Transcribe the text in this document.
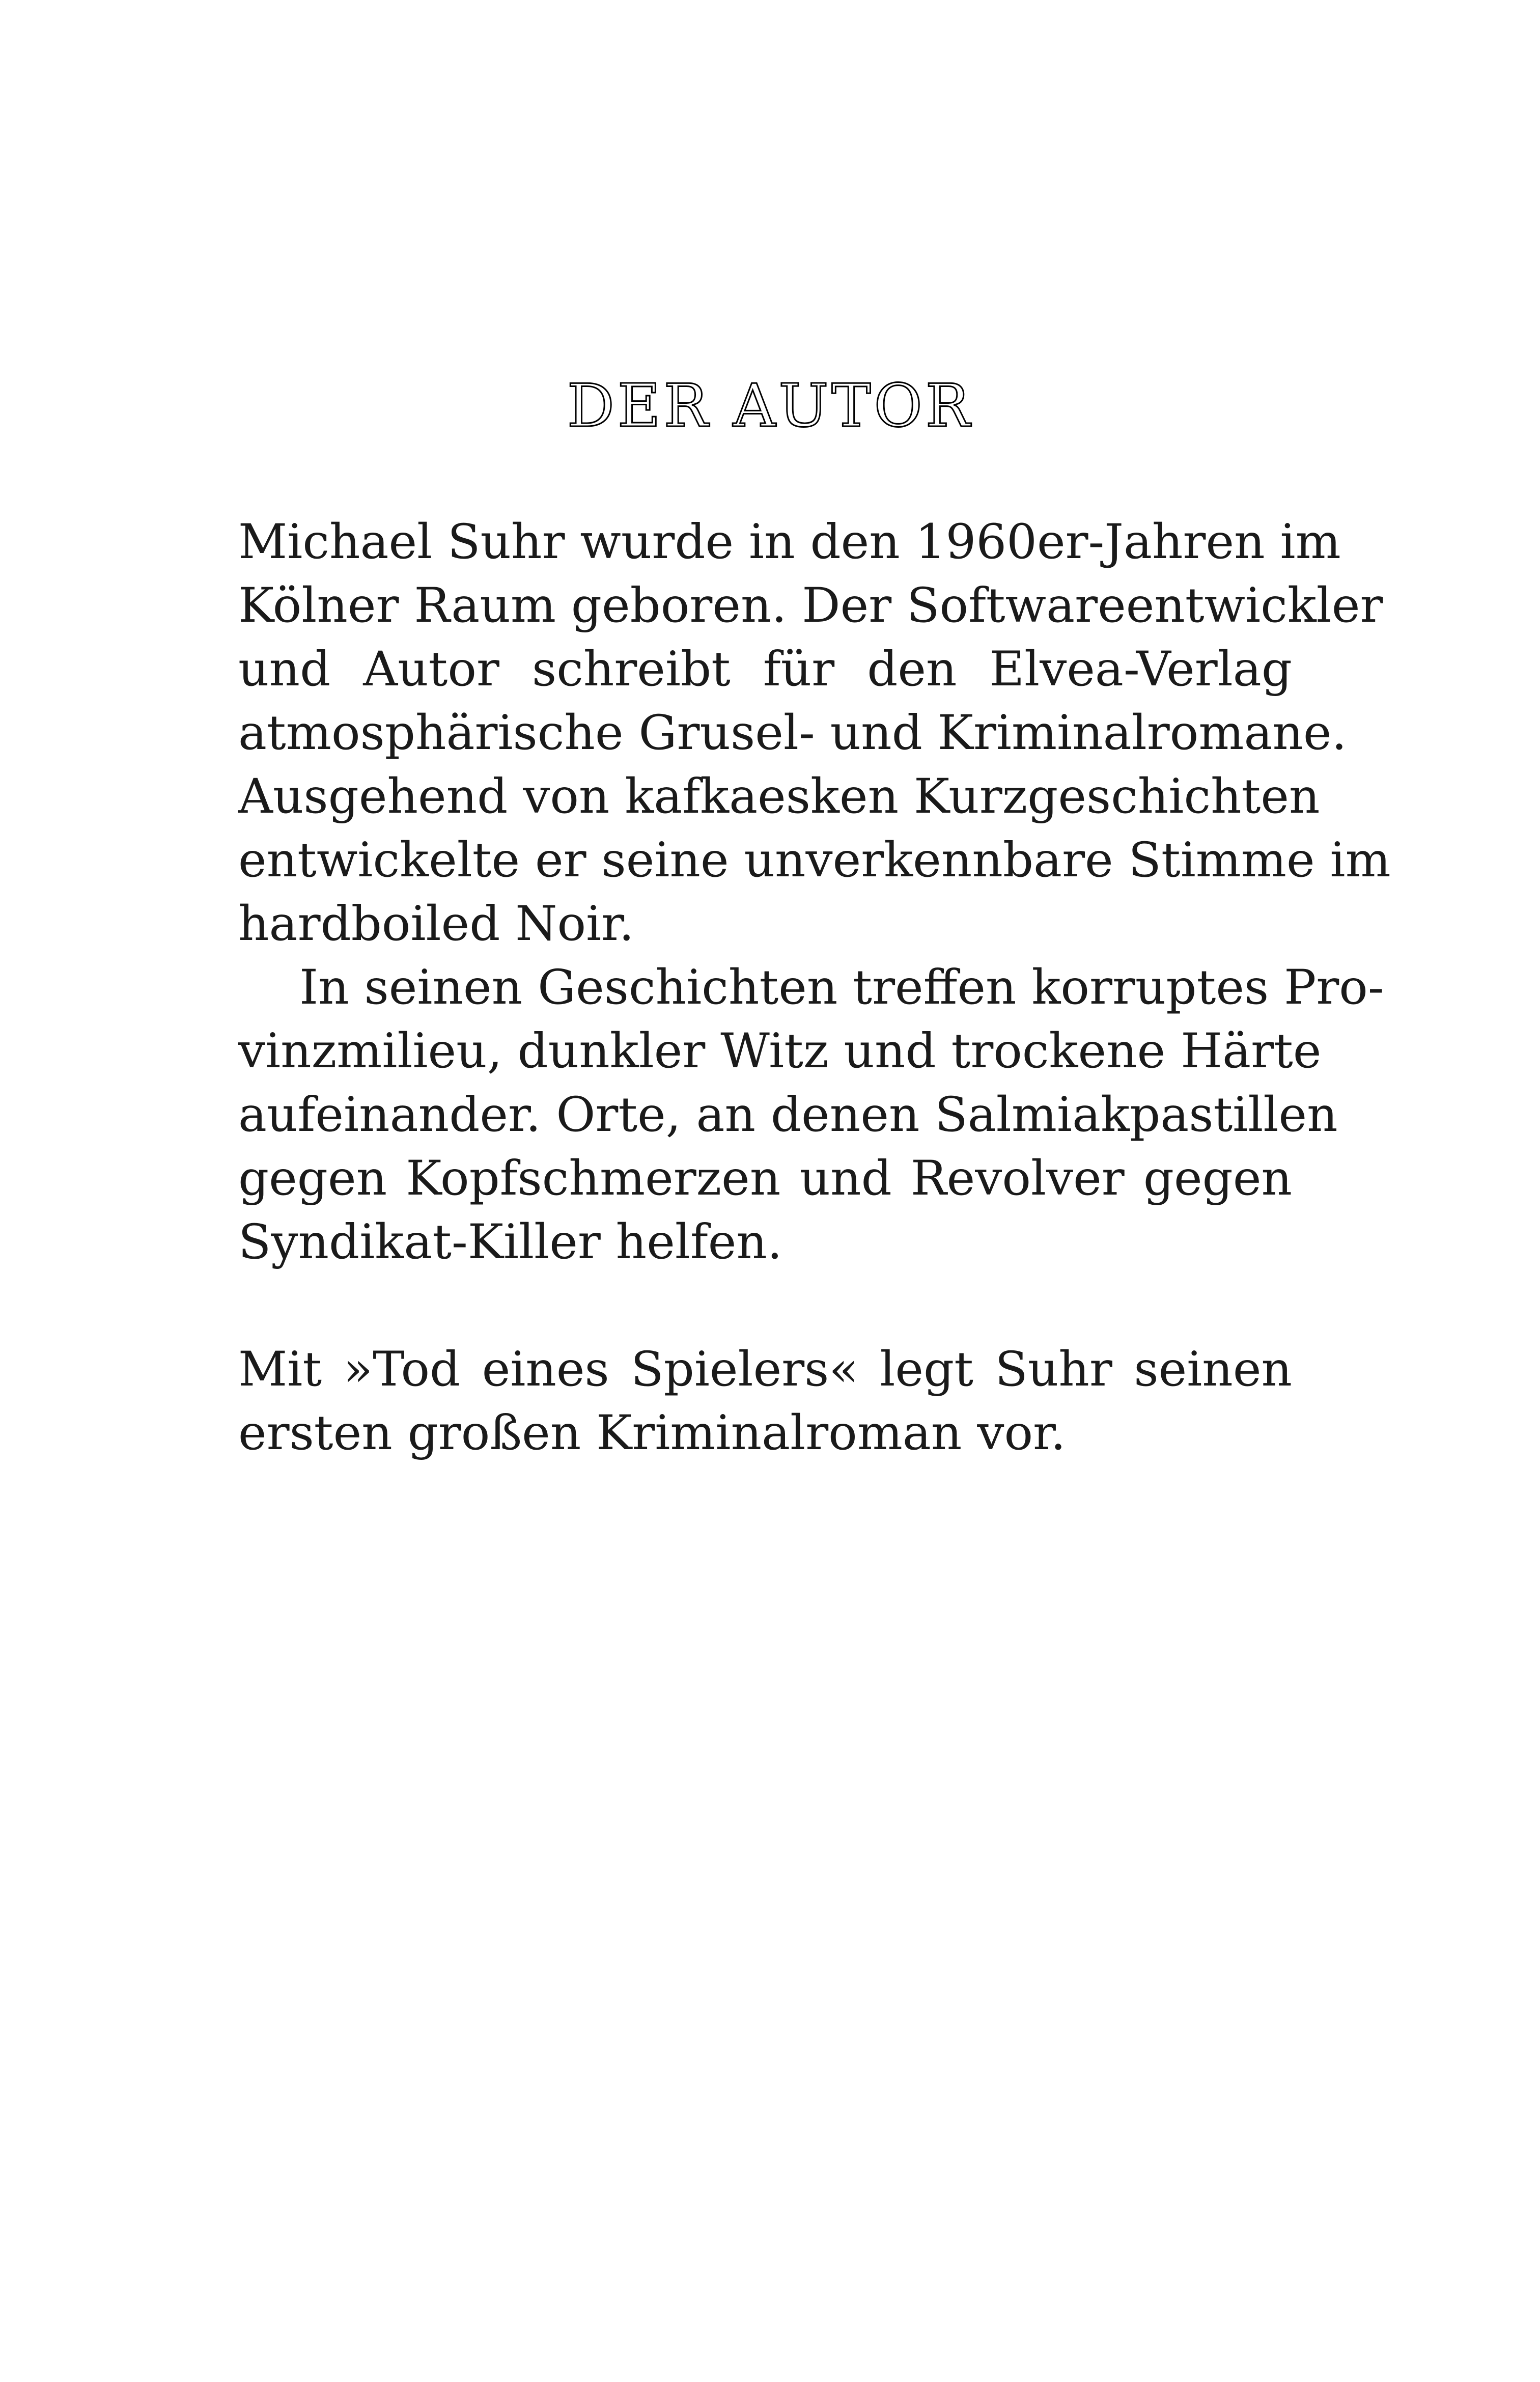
DER AUTOR
Michael Suhr wurde in den 1960er-Jahren im
Kölner Raum geboren. Der Softwareentwickler
und Autor schreibt für den Elvea-Verlag
atmosphärische Grusel- und Kriminalromane.
Ausgehend von kafkaesken Kurzgeschichten
entwickelte er seine unverkennbare Stimme im
hardboiled Noir.
In seinen Geschichten treffen korruptes Pro-
vinzmilieu, dunkler Witz und trockene Härte
aufeinander. Orte, an denen Salmiakpastillen
gegen Kopfschmerzen und Revolver gegen
Syndikat-Killer helfen.
Mit »Tod eines Spielers« legt Suhr seinen
ersten großen Kriminalroman vor.
